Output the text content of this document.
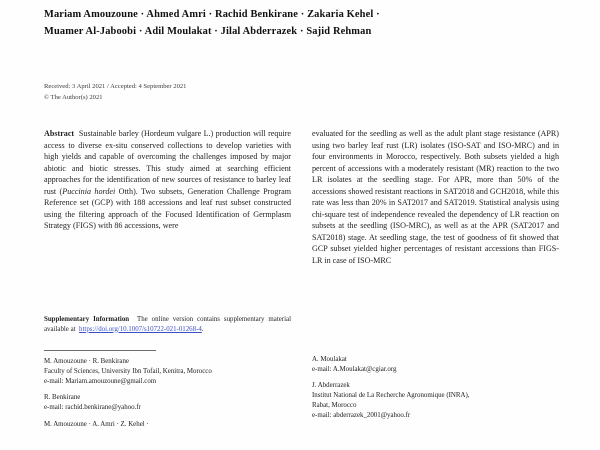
Mariam Amouzoune · Ahmed Amri · Rachid Benkirane · Zakaria Kehel ·
Muamer Al-Jaboobi · Adil Moulakat · Jilal Abderrazek · Sajid Rehman
Received: 3 April 2021 / Accepted: 4 September 2021
© The Author(s) 2021

Abstract Sustainable barley (Hordeum vulgare L.) production will require access to diverse ex-situ conserved collections to develop varieties with high yields and capable of overcoming the challenges imposed by major abiotic and biotic stresses. This study aimed at searching efficient approaches for the identification of new sources of resistance to barley leaf rust (Puccinia hordei Otth). Two subsets, Generation Challenge Program Reference set (GCP) with 188 accessions and leaf rust subset constructed using the filtering approach of the Focused Identification of Germplasm Strategy (FIGS) with 86 accessions, were

evaluated for the seedling as well as the adult plant stage resistance (APR) using two barley leaf rust (LR) isolates (ISO-SAT and ISO-MRC) and in four environments in Morocco, respectively. Both subsets yielded a high percent of accessions with a moderately resistant (MR) reaction to the two LR isolates at the seedling stage. For APR, more than 50% of the accessions showed resistant reactions in SAT2018 and GCH2018, while this rate was less than 20% in SAT2017 and SAT2019. Statistical analysis using chi-square test of independence revealed the dependency of LR reaction on subsets at the seedling (ISO-MRC), as well as at the APR (SAT2017 and SAT2018) stage. At seedling stage, the test of goodness of fit showed that GCP subset yielded higher percentages of resistant accessions than FIGS-LR in case of ISO-MRC

Supplementary Information The online version contains supplementary material available at https://doi.org/10.1007/s10722-021-01268-4.
M. Amouzoune · R. Benkirane
Faculty of Sciences, University Ibn Tofail, Kenitra, Morocco
e-mail: Mariam.amouzoune@gmail.com
R. Benkirane
e-mail: rachid.benkirane@yahoo.fr
M. Amouzoune · A. Amri · Z. Kehel ·
A. Moulakat
e-mail: A.Moulakat@cgiar.org
J. Abderrazek
Institut National de La Recherche Agronomique (INRA),
Rabat, Morocco
e-mail: abderrazek_2001@yahoo.fr
